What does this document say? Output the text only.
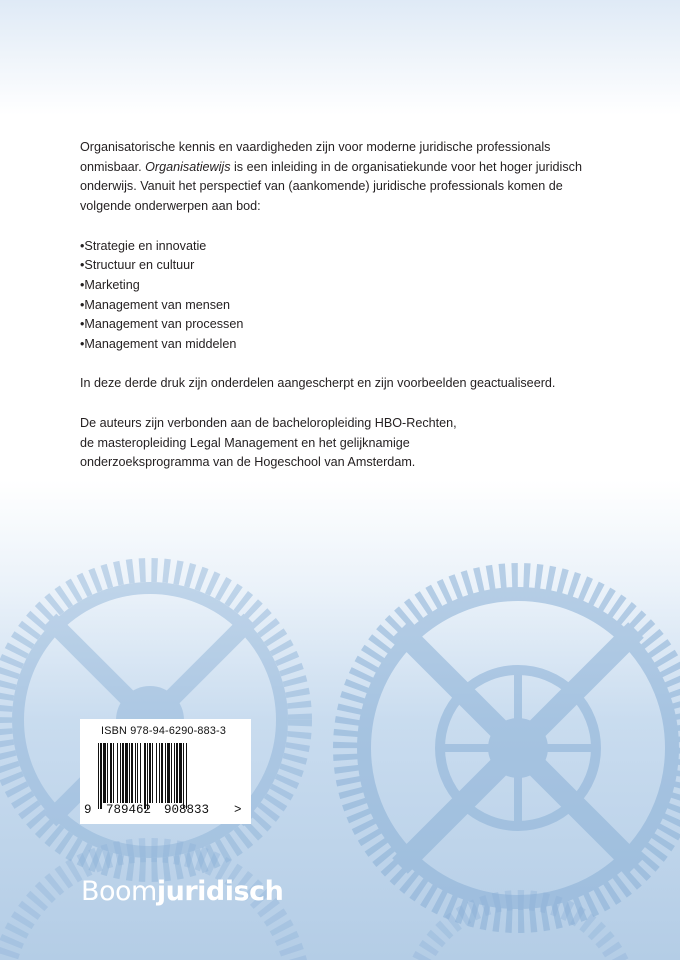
Organisatorische kennis en vaardigheden zijn voor moderne juridische professionals onmisbaar. Organisatiewijs is een inleiding in de organisatiekunde voor het hoger juridisch onderwijs. Vanuit het perspectief van (aankomende) juridische professionals komen de volgende onderwerpen aan bod:

• Strategie en innovatie
• Structuur en cultuur
• Marketing
• Management van mensen
• Management van processen
• Management van middelen

In deze derde druk zijn onderdelen aangescherpt en zijn voorbeelden geactualiseerd.

De auteurs zijn verbonden aan de bacheloropleiding HBO-Rechten,
de masteropleiding Legal Management en het gelijknamige
onderzoeksprogramma van de Hogeschool van Amsterdam.

ISBN 978-94-6290-883-3
9 789462 908833 >
Boomjuridisch
